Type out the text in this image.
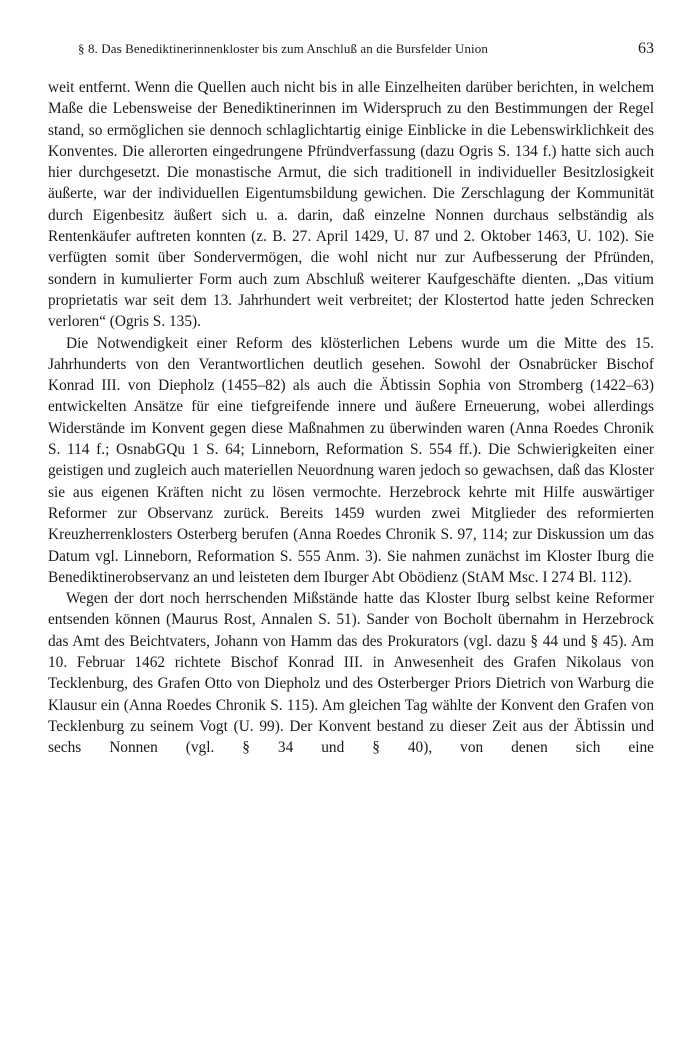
§ 8. Das Benediktinerinnenkloster bis zum Anschluß an die Bursfelder Union	63

weit entfernt. Wenn die Quellen auch nicht bis in alle Einzelheiten darüber berichten, in welchem Maße die Lebensweise der Benediktinerinnen im Widerspruch zu den Bestimmungen der Regel stand, so ermöglichen sie dennoch schlaglichtartig einige Einblicke in die Lebenswirklichkeit des Konventes. Die allerorten eingedrungene Pfründverfassung (dazu Ogris S. 134 f.) hatte sich auch hier durchgesetzt. Die monastische Armut, die sich traditionell in individueller Besitzlosigkeit äußerte, war der individuellen Eigentumsbildung gewichen. Die Zerschlagung der Kommunität durch Eigenbesitz äußert sich u. a. darin, daß einzelne Nonnen durchaus selbständig als Rentenkäufer auftreten konnten (z. B. 27. April 1429, U. 87 und 2. Oktober 1463, U. 102). Sie verfügten somit über Sondervermögen, die wohl nicht nur zur Aufbesserung der Pfründen, sondern in kumulierter Form auch zum Abschluß weiterer Kaufgeschäfte dienten. „Das vitium proprietatis war seit dem 13. Jahrhundert weit verbreitet; der Klostertod hatte jeden Schrecken verloren“ (Ogris S. 135).

Die Notwendigkeit einer Reform des klösterlichen Lebens wurde um die Mitte des 15. Jahrhunderts von den Verantwortlichen deutlich gesehen. Sowohl der Osnabrücker Bischof Konrad III. von Diepholz (1455–82) als auch die Äbtissin Sophia von Stromberg (1422–63) entwickelten Ansätze für eine tiefgreifende innere und äußere Erneuerung, wobei allerdings Widerstände im Konvent gegen diese Maßnahmen zu überwinden waren (Anna Roedes Chronik S. 114 f.; OsnabGQu 1 S. 64; Linneborn, Reformation S. 554 ff.). Die Schwierigkeiten einer geistigen und zugleich auch materiellen Neuordnung waren jedoch so gewachsen, daß das Kloster sie aus eigenen Kräften nicht zu lösen vermochte. Herzebrock kehrte mit Hilfe auswärtiger Reformer zur Observanz zurück. Bereits 1459 wurden zwei Mitglieder des reformierten Kreuzherrenklosters Osterberg berufen (Anna Roedes Chronik S. 97, 114; zur Diskussion um das Datum vgl. Linneborn, Reformation S. 555 Anm. 3). Sie nahmen zunächst im Kloster Iburg die Benediktinerobservanz an und leisteten dem Iburger Abt Obödienz (StAM Msc. I 274 Bl. 112).

Wegen der dort noch herrschenden Mißstände hatte das Kloster Iburg selbst keine Reformer entsenden können (Maurus Rost, Annalen S. 51). Sander von Bocholt übernahm in Herzebrock das Amt des Beichtvaters, Johann von Hamm das des Prokurators (vgl. dazu § 44 und § 45). Am 10. Februar 1462 richtete Bischof Konrad III. in Anwesenheit des Grafen Nikolaus von Tecklenburg, des Grafen Otto von Diepholz und des Osterberger Priors Dietrich von Warburg die Klausur ein (Anna Roedes Chronik S. 115). Am gleichen Tag wählte der Konvent den Grafen von Tecklenburg zu seinem Vogt (U. 99). Der Konvent bestand zu dieser Zeit aus der Äbtissin und sechs Nonnen (vgl. § 34 und § 40), von denen sich eine
